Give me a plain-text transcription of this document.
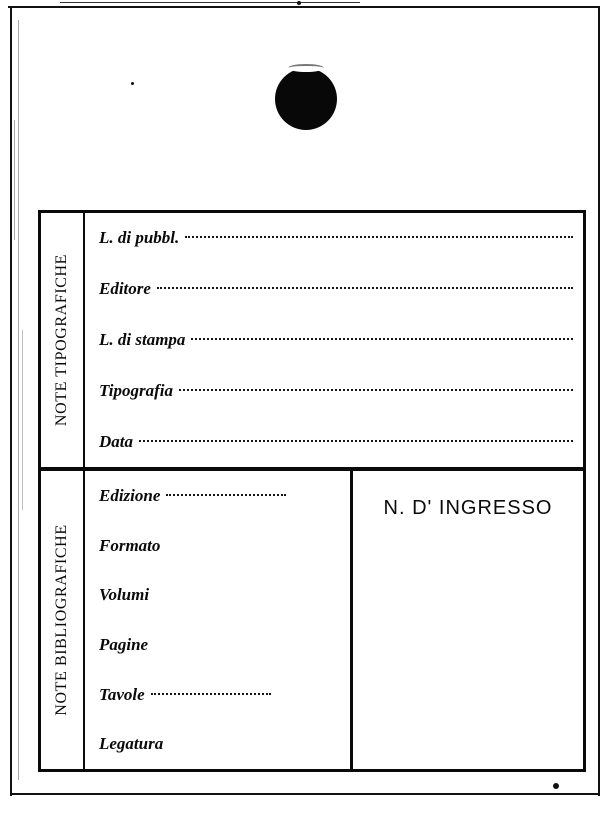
NOTE TIPOGRAFICHE
L. di pubbl.
Editore
L. di stampa
Tipografia
Data
NOTE BIBLIOGRAFICHE
Edizione
Formato
Volumi
Pagine
Tavole
Legatura
N. D' INGRESSO
